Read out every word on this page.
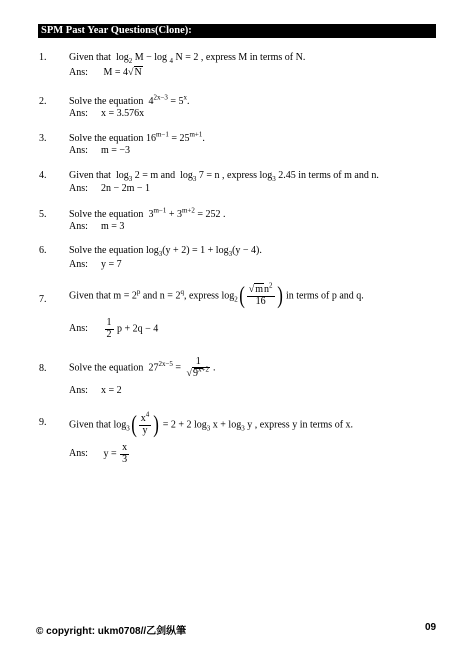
SPM Past Year Questions(Clone):
1. Given that  $\log_2 M - \log _4$ N = 2 , express M in terms of N.
Ans: M = 4√N
2. Solve the equation $4^{2x-3} = 5^x$.
Ans: x = 3.576x
3. Solve the equation $16^{m-1} = 25^{m+1}$.
Ans: m = −3
4. Given that  $\log_3 2 = m$ and  $\log_3 7 = n$ , express $\log_3 2.45$ in terms of m and n.
Ans: 2n − 2m − 1
5. Solve the equation $3^{m-1} + 3^{m+2} = 252$ .
Ans: m = 3
6. Solve the equation $\log_3(y + 2) = 1 + \log_3(y - 4)$.
Ans: y = 7
7. Given that $m = 2^p$ and $n = 2^q$, express $\log_2( \frac{√mn^2}{16}$ ) in terms of p and q.
Ans: $\frac{1}{2}$ p + 2q − 4
8. Solve the equation $27^{2x-5} = \frac{1}{√9^{x+2}}$ .
Ans: x = 2
9. Given that $\log_3( \frac{x^4}{y}$ ) = 2 + 2 $\log_3 x + \log_3 y$ , express y in terms of x.
Ans: $y = \frac{x}{3}$
© copyright: ukm0708//乙剑纵筆	09
